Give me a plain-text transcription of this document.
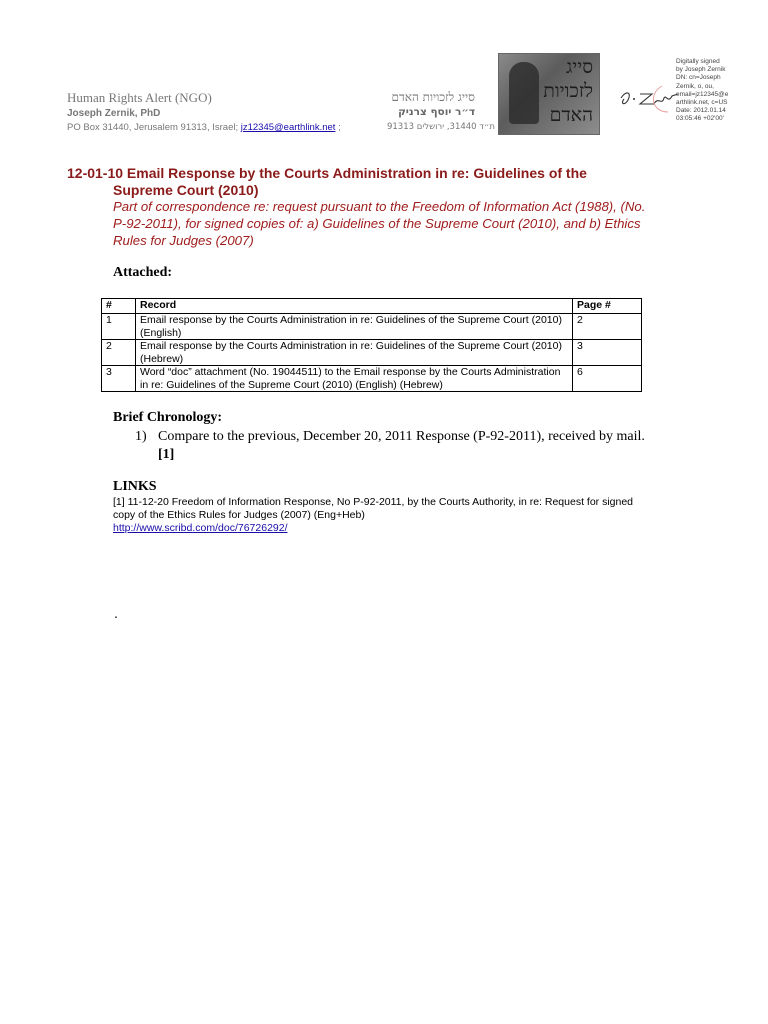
Human Rights Alert (NGO)
Joseph Zernik, PhD
PO Box 31440, Jerusalem 91313, Israel; jz12345@earthlink.net ;
סייג לזכויות האדם
ד״ר יוסף צרניק
ת״ד 31440, ירושלים 91313
סייג
לזכויות
האדם
Digitally signed
by Joseph Zernik
DN: cn=Joseph
Zernik, o, ou,
email=jz12345@e
arthlink.net, c=US
Date: 2012.01.14
03:05:46 +02'00'
12-01-10 Email Response by the Courts Administration in re: Guidelines of the
Supreme Court (2010)
Part of correspondence re: request pursuant to the Freedom of Information Act (1988), (No. P-92-2011), for signed copies of: a) Guidelines of the Supreme Court (2010), and b) Ethics Rules for Judges (2007)
Attached:
#	Record	Page #
1	Email response by the Courts Administration in re: Guidelines of the Supreme Court (2010) (English)	2
2	Email response by the Courts Administration in re: Guidelines of the Supreme Court (2010) (Hebrew)	3
3	Word “doc” attachment (No. 19044511) to the Email response by the Courts Administration in re: Guidelines of the Supreme Court (2010) (English) (Hebrew)	6
Brief Chronology:
1) Compare to the previous, December 20, 2011 Response (P-92-2011), received by mail. [1]
LINKS
[1] 11-12-20 Freedom of Information Response, No P-92-2011, by the Courts Authority, in re: Request for signed copy of the Ethics Rules for Judges (2007) (Eng+Heb)
http://www.scribd.com/doc/76726292/
.
